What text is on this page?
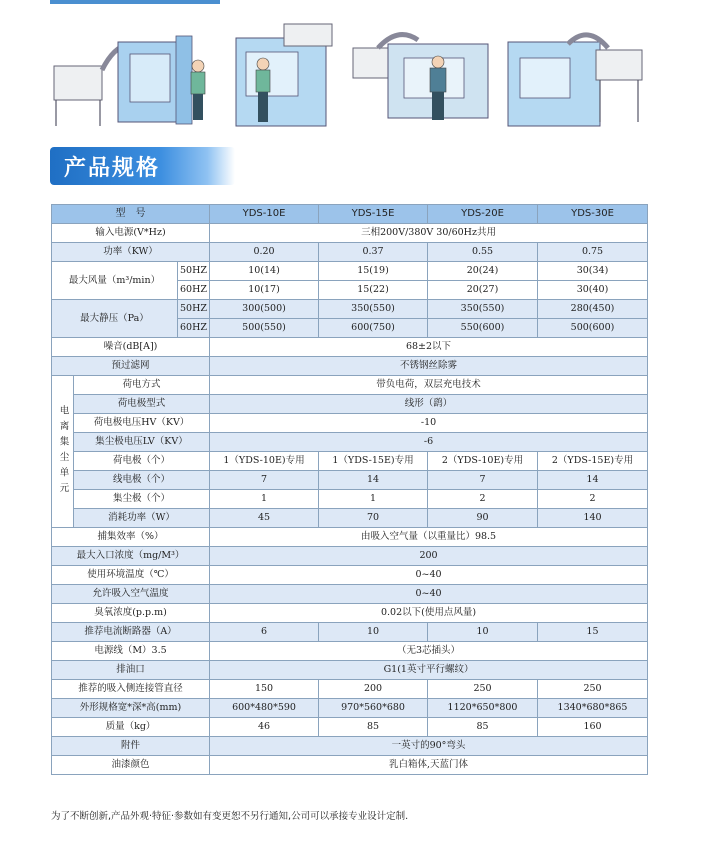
产品规格
型　号			YDS-10E	YDS-15E	YDS-20E	YDS-30E
输入电源(V*Hz)			三相200V/380V 30/60Hz共用			
功率（KW）			0.20	0.37	0.55	0.75
最大风量（m³/min）		50HZ	10(14)	15(19)	20(24)	30(34)
		60HZ	10(17)	15(22)	20(27)	30(40)
最大静压（Pa）		50HZ	300(500)	350(550)	350(550)	280(450)
		60HZ	500(550)	600(750)	550(600)	500(600)
噪音(dB[A])			68±2以下			
预过滤网			不锈钢丝除雾			
电离集尘单元	荷电方式		带负电荷，双层充电技术			
	荷电极型式		线形（鹞）			
	荷电极电压HV（KV）		-10			
	集尘极电压LV（KV）		-6			
	荷电极（个）		1（YDS-10E)专用	1（YDS-15E)专用	2（YDS-10E)专用	2（YDS-15E)专用
	线电极（个）		7	14	7	14
	集尘极（个）		1	1	2	2
	消耗功率（W）		45	70	90	140
捕集效率（%）			由吸入空气量（以重量比）98.5			
最大入口浓度（mg/M³）			200			
使用环境温度（℃）			0~40			
允许吸入空气温度			0~40			
臭氧浓度(p.p.m)			0.02以下(使用点风量)			
推荐电流断路器（A）			6	10	10	15
电源线（M）3.5			（无3芯插头）			
排油口			G1(1英寸平行螺纹）			
推荐的吸入侧连接管直径			150	200	250	250
外形规格宽*深*高(mm)			600*480*590	970*560*680	1120*650*800	1340*680*865
质量（kg）			46	85	85	160
附件			一英寸的90°弯头			
油漆颜色			乳白箱体,天蓝门体			
为了不断创新,产品外观·特征·参数如有变更恕不另行通知,公司可以承接专业设计定制.
